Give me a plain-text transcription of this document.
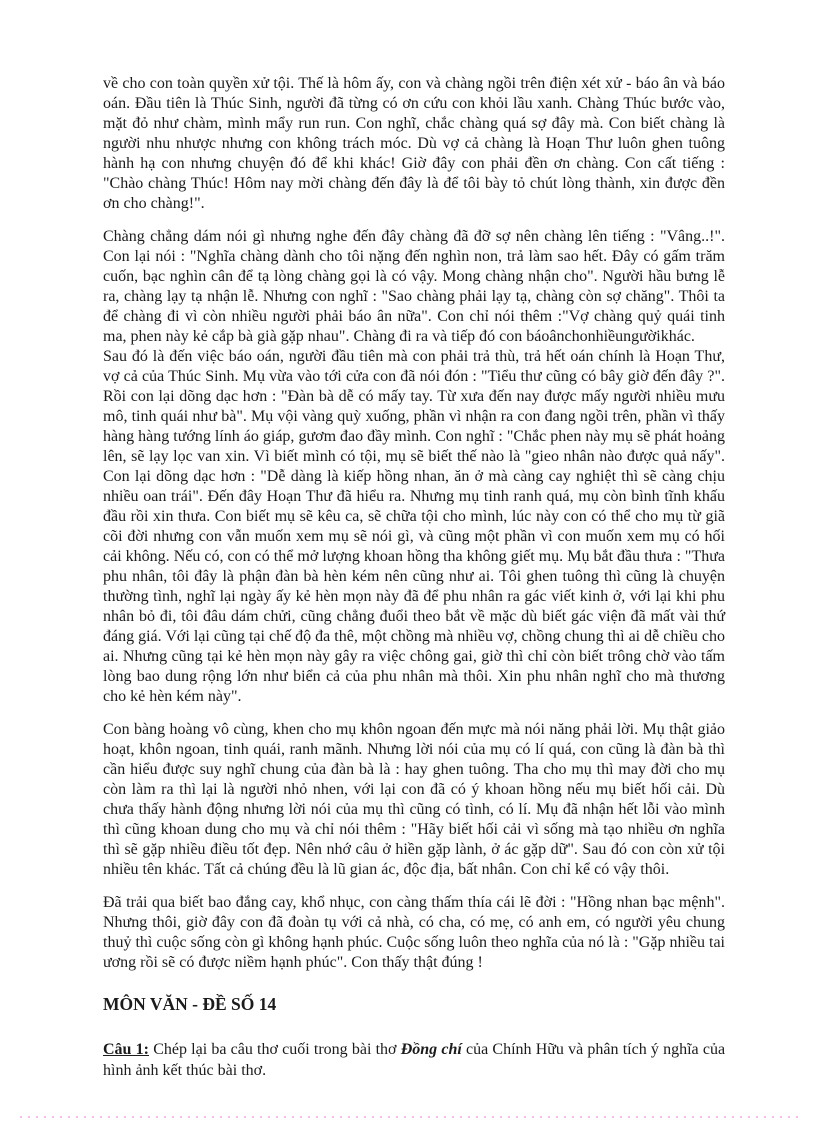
về cho con toàn quyền xử tội. Thế là hôm ấy, con và chàng ngồi trên điện xét xử - báo ân và báo oán. Đầu tiên là Thúc Sinh, người đã từng có ơn cứu con khỏi lầu xanh. Chàng Thúc bước vào, mặt đỏ như chàm, mình mẩy run run. Con nghĩ, chắc chàng quá sợ đây mà. Con biết chàng là người nhu nhược nhưng con không trách móc. Dù vợ cả chàng là Hoạn Thư luôn ghen tuông hành hạ con nhưng chuyện đó để khi khác! Giờ đây con phải đền ơn chàng. Con cất tiếng : "Chào chàng Thúc! Hôm nay mời chàng đến đây là để tôi bày tỏ chút lòng thành, xin được đền ơn cho chàng!".

Chàng chẳng dám nói gì nhưng nghe đến đây chàng đã đỡ sợ nên chàng lên tiếng : "Vâng..!". Con lại nói : "Nghĩa chàng dành cho tôi nặng đến nghìn non, trả làm sao hết. Đây có gấm trăm cuốn, bạc nghìn cân để tạ lòng chàng gọi là có vậy. Mong chàng nhận cho". Người hầu bưng lễ ra, chàng lạy tạ nhận lễ. Nhưng con nghĩ : "Sao chàng phải lạy tạ, chàng còn sợ chăng". Thôi ta để chàng đi vì còn nhiều người phải báo ân nữa". Con chỉ nói thêm :"Vợ chàng quỷ quái tinh ma, phen này kẻ cắp bà già gặp nhau". Chàng đi ra và tiếp đó con báoânchonhiềungườikhác.

Sau đó là đến việc báo oán, người đầu tiên mà con phải trả thù, trả hết oán chính là Hoạn Thư, vợ cả của Thúc Sinh. Mụ vừa vào tới cửa con đã nói đón : "Tiểu thư cũng có bây giờ đến đây ?". Rồi con lại dõng dạc hơn : "Đàn bà dễ có mấy tay. Từ xưa đến nay được mấy người nhiều mưu mô, tinh quái như bà". Mụ vội vàng quỳ xuống, phần vì nhận ra con đang ngồi trên, phần vì thấy hàng hàng tướng lính áo giáp, gươm đao đầy mình. Con nghĩ : "Chắc phen này mụ sẽ phát hoảng lên, sẽ lạy lọc van xin. Vì biết mình có tội, mụ sẽ biết thế nào là "gieo nhân nào được quả nấy". Con lại dõng dạc hơn : "Dễ dàng là kiếp hồng nhan, ăn ở mà càng cay nghiệt thì sẽ càng chịu nhiều oan trái". Đến đây Hoạn Thư đã hiểu ra. Nhưng mụ tinh ranh quá, mụ còn bình tĩnh khấu đầu rồi xin thưa. Con biết mụ sẽ kêu ca, sẽ chữa tội cho mình, lúc này con có thể cho mụ từ giã cõi đời nhưng con vẫn muốn xem mụ sẽ nói gì, và cũng một phần vì con muốn xem mụ có hối cải không. Nếu có, con có thể mở lượng khoan hồng tha không giết mụ. Mụ bắt đầu thưa : "Thưa phu nhân, tôi đây là phận đàn bà hèn kém nên cũng như ai. Tôi ghen tuông thì cũng là chuyện thường tình, nghĩ lại ngày ấy kẻ hèn mọn này đã để phu nhân ra gác viết kinh ở, với lại khi phu nhân bỏ đi, tôi đâu dám chửi, cũng chẳng đuổi theo bắt về mặc dù biết gác viện đã mất vài thứ đáng giá. Với lại cũng tại chế độ đa thê, một chồng mà nhiều vợ, chồng chung thì ai dễ chiều cho ai. Nhưng cũng tại kẻ hèn mọn này gây ra việc chông gai, giờ thì chỉ còn biết trông chờ vào tấm lòng bao dung rộng lớn như biển cả của phu nhân mà thôi. Xin phu nhân nghĩ cho mà thương cho kẻ hèn kém này".

Con bàng hoàng vô cùng, khen cho mụ khôn ngoan đến mực mà nói năng phải lời. Mụ thật giảo hoạt, khôn ngoan, tinh quái, ranh mãnh. Nhưng lời nói của mụ có lí quá, con cũng là đàn bà thì cần hiểu được suy nghĩ chung của đàn bà là : hay ghen tuông. Tha cho mụ thì may đời cho mụ còn làm ra thì lại là người nhỏ nhen, với lại con đã có ý khoan hồng nếu mụ biết hối cải. Dù chưa thấy hành động nhưng lời nói của mụ thì cũng có tình, có lí. Mụ đã nhận hết lỗi vào mình thì cũng khoan dung cho mụ và chỉ nói thêm : "Hãy biết hối cải vì sống mà tạo nhiều ơn nghĩa thì sẽ gặp nhiều điều tốt đẹp. Nên nhớ câu ở hiền gặp lành, ở ác gặp dữ". Sau đó con còn xử tội nhiều tên khác. Tất cả chúng đều là lũ gian ác, độc địa, bất nhân. Con chỉ kể có vậy thôi.

Đã trải qua biết bao đắng cay, khổ nhục, con càng thấm thía cái lẽ đời : "Hồng nhan bạc mệnh". Nhưng thôi, giờ đây con đã đoàn tụ với cả nhà, có cha, có mẹ, có anh em, có người yêu chung thuỷ thì cuộc sống còn gì không hạnh phúc. Cuộc sống luôn theo nghĩa của nó là : "Gặp nhiều tai ương rồi sẽ có được niềm hạnh phúc". Con thấy thật đúng !

MÔN VĂN - ĐỀ SỐ 14

Câu 1: Chép lại ba câu thơ cuối trong bài thơ Đồng chí của Chính Hữu và phân tích ý nghĩa của hình ảnh kết thúc bài thơ.
